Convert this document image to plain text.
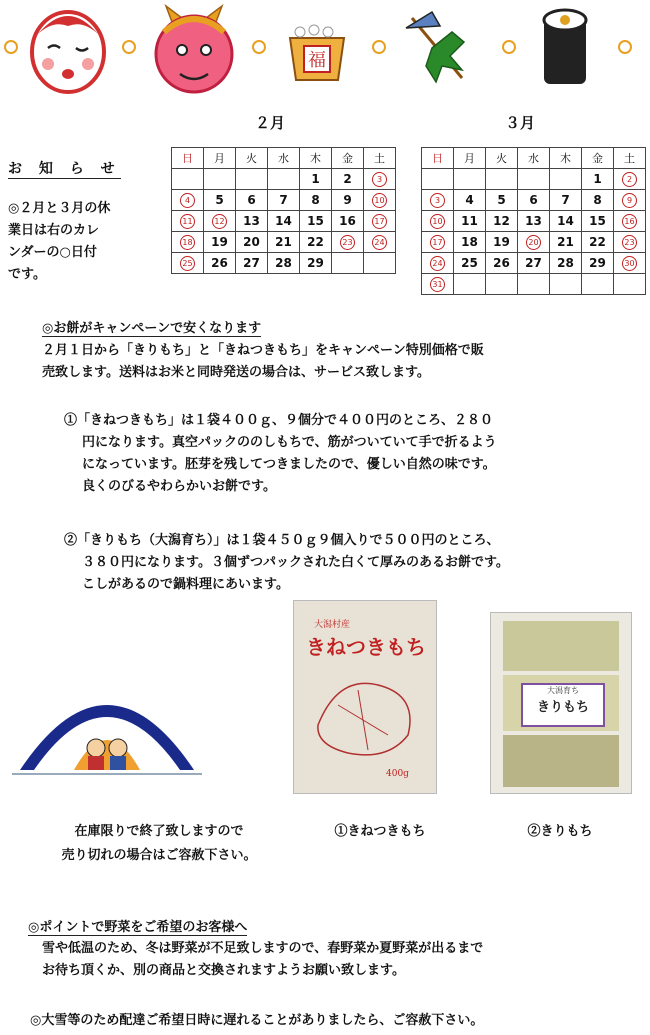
福
２月	３月
日	月	火	水	木	金	土
				1	2	3
4	5	6	7	8	9	10
11	12	13	14	15	16	17
18	19	20	21	22	23	24
25	26	27	28	29		
日	月	火	水	木	金	土
					1	2
3	4	5	6	7	8	9
10	11	12	13	14	15	16
17	18	19	20	21	22	23
24	25	26	27	28	29	30
31						
お 知 ら せ
◎２月と３月の休
業日は右のカレ
ンダーの○日付
です。
◎お餅がキャンペーンで安くなります
２月１日から「きりもち」と「きねつきもち」をキャンペーン特別価格で販
売致します。送料はお米と同時発送の場合は、サービス致します。
①「きねつきもち」は１袋４００ｇ、９個分で４００円のところ、２８０
円になります。真空パックののしもちで、筋がついていて手で折るよう
になっています。胚芽を残してつきましたので、優しい自然の味です。
良くのびるやわらかいお餅です。
②「きりもち（大潟育ち）」は１袋４５０ｇ９個入りで５００円のところ、
３８０円になります。３個ずつパックされた白くて厚みのあるお餅です。
こしがあるので鍋料理にあいます。
大潟村産
きねつきもち
400g
大潟育ち
きりもち
在庫限りで終了致しますので
売り切れの場合はご容赦下さい。
①きねつきもち	②きりもち
◎ポイントで野菜をご希望のお客様へ
雪や低温のため、冬は野菜が不足致しますので、春野菜か夏野菜が出るまで
お待ち頂くか、別の商品と交換されますようお願い致します。
◎大雪等のため配達ご希望日時に遅れることがありましたら、ご容赦下さい。
